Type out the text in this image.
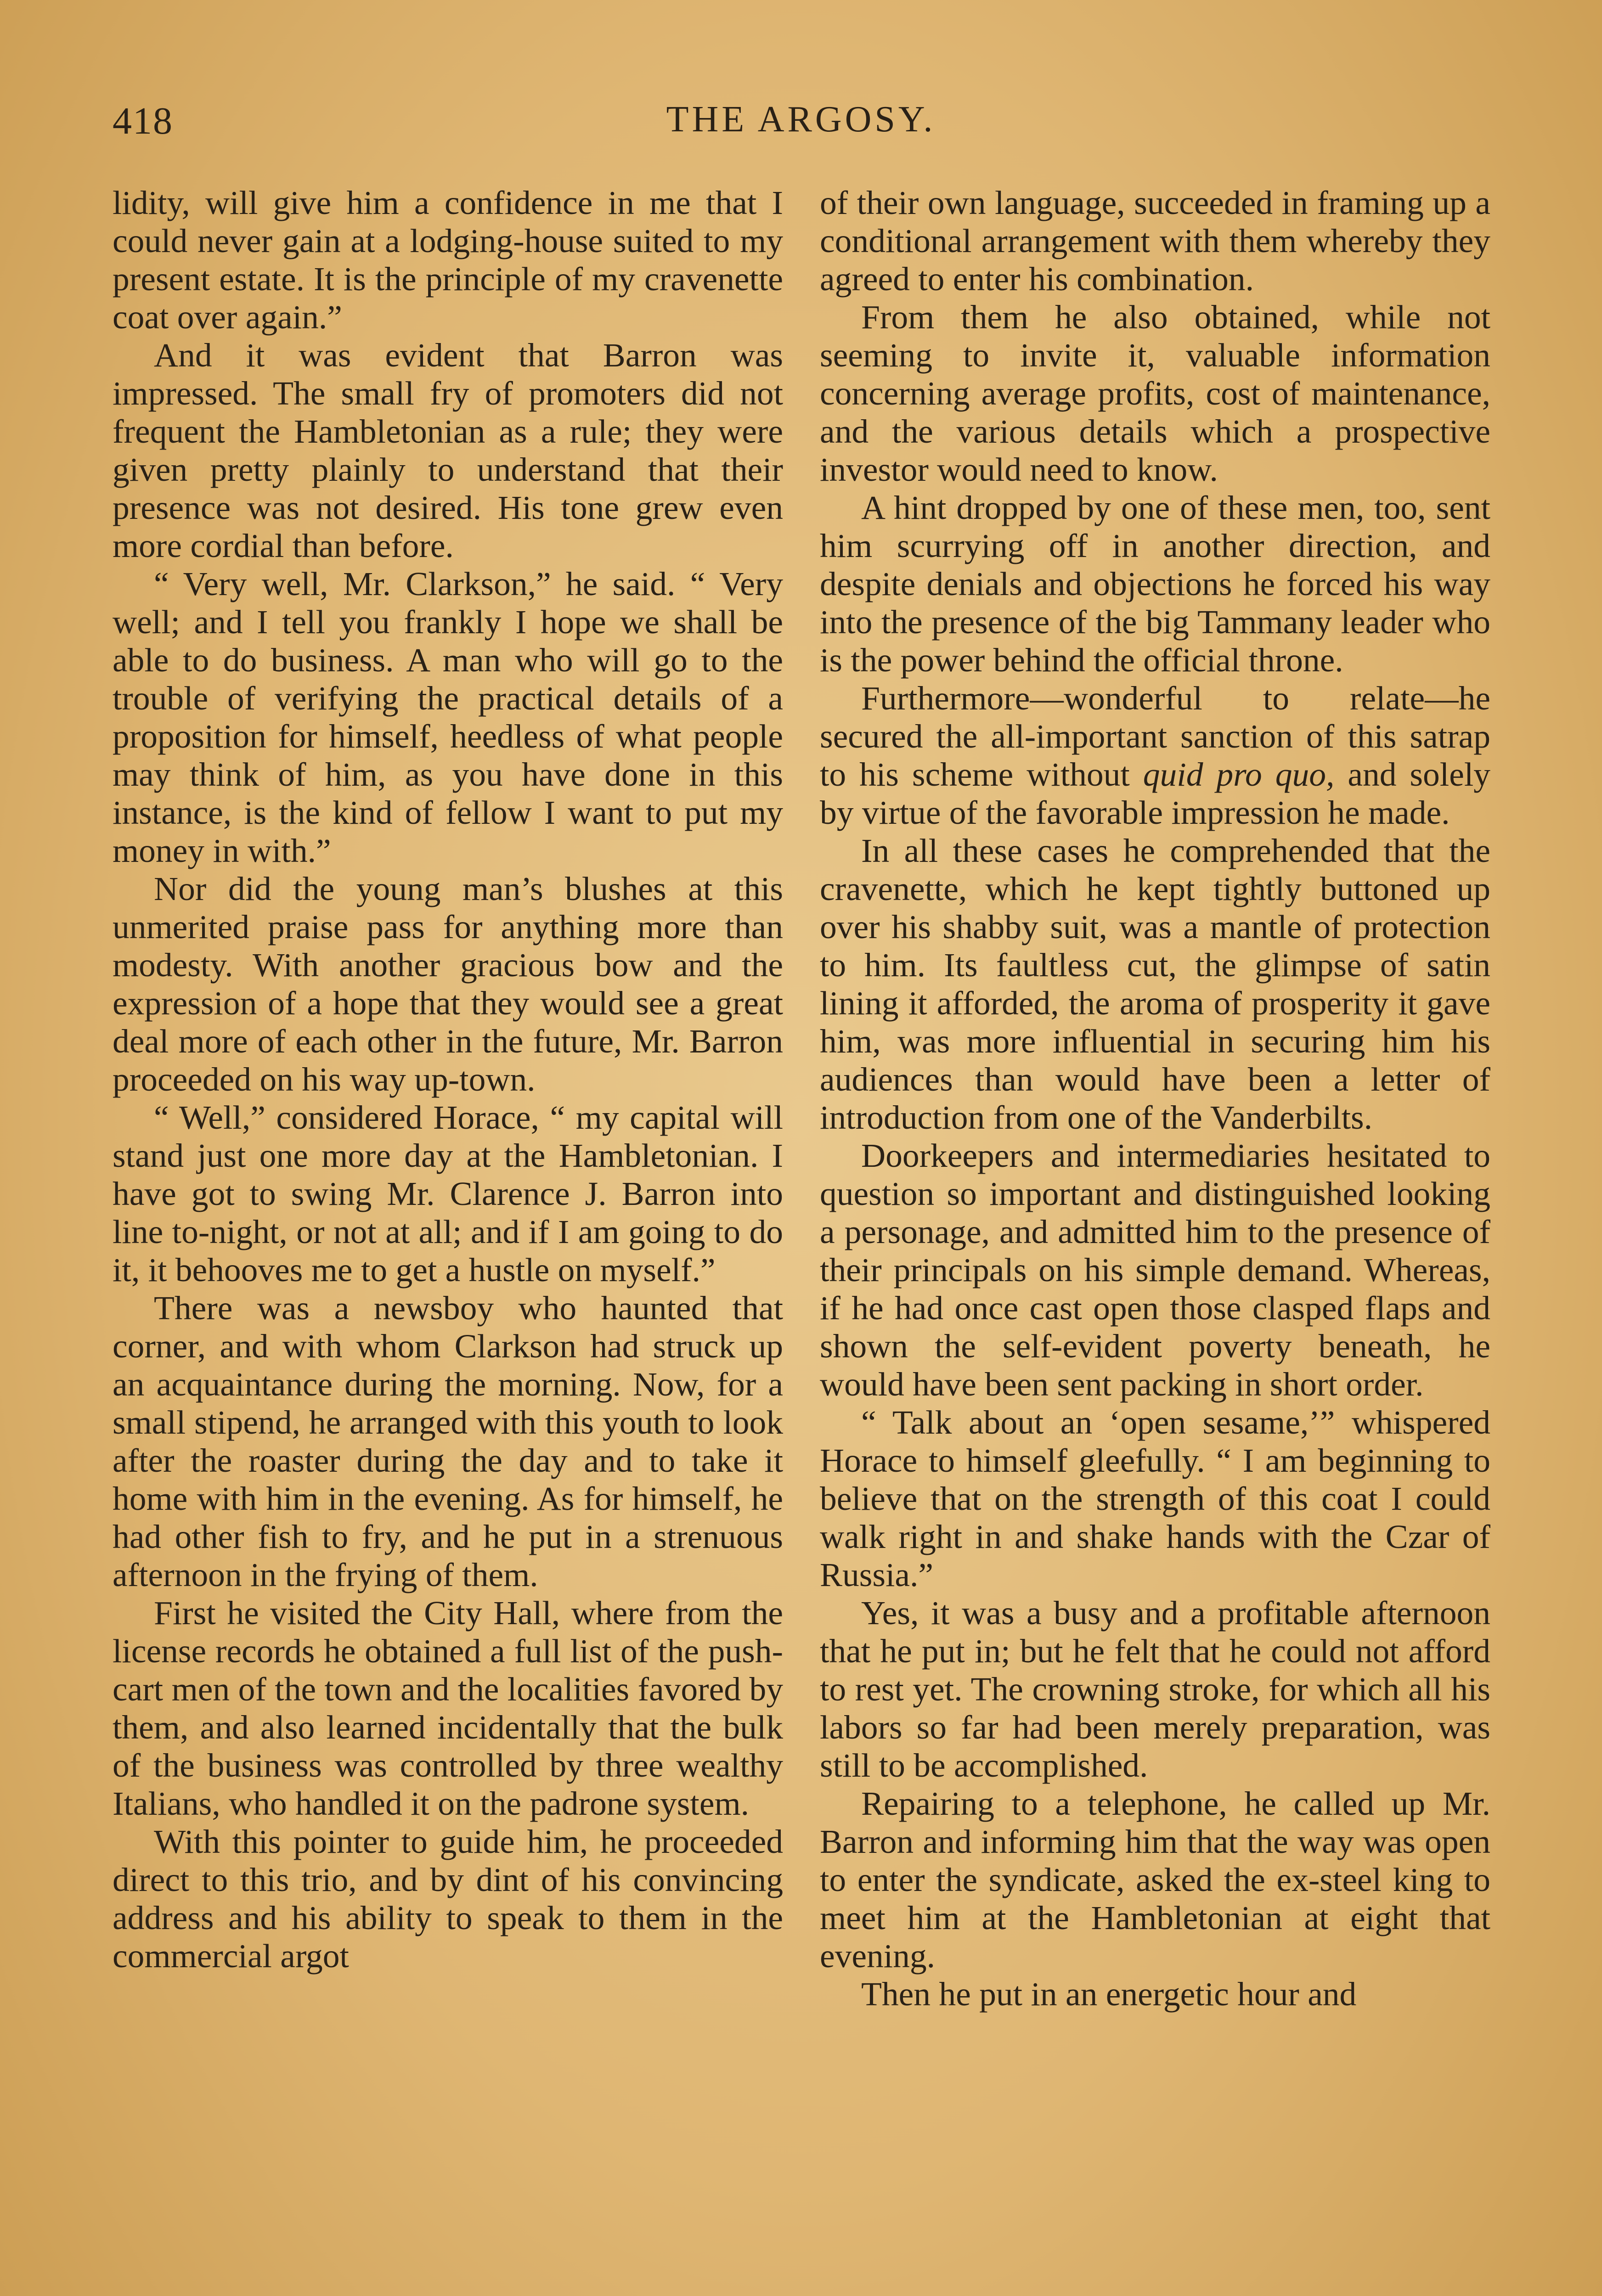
418	THE ARGOSY.

lidity, will give him a confidence in me that I could never gain at a lodging-house suited to my present estate. It is the principle of my cravenette coat over again.”

And it was evident that Barron was impressed. The small fry of promoters did not frequent the Hambletonian as a rule; they were given pretty plainly to understand that their presence was not desired. His tone grew even more cordial than before.

“ Very well, Mr. Clarkson,” he said. “ Very well; and I tell you frankly I hope we shall be able to do business. A man who will go to the trouble of verifying the practical details of a proposition for himself, heedless of what people may think of him, as you have done in this instance, is the kind of fellow I want to put my money in with.”

Nor did the young man’s blushes at this unmerited praise pass for anything more than modesty. With another gracious bow and the expression of a hope that they would see a great deal more of each other in the future, Mr. Barron proceeded on his way up-town.

“ Well,” considered Horace, “ my capital will stand just one more day at the Hambletonian. I have got to swing Mr. Clarence J. Barron into line to-night, or not at all; and if I am going to do it, it behooves me to get a hustle on myself.”

There was a newsboy who haunted that corner, and with whom Clarkson had struck up an acquaintance during the morning. Now, for a small stipend, he arranged with this youth to look after the roaster during the day and to take it home with him in the evening. As for himself, he had other fish to fry, and he put in a strenuous afternoon in the frying of them.

First he visited the City Hall, where from the license records he obtained a full list of the push-cart men of the town and the localities favored by them, and also learned incidentally that the bulk of the business was controlled by three wealthy Italians, who handled it on the padrone system.

With this pointer to guide him, he proceeded direct to this trio, and by dint of his convincing address and his ability to speak to them in the commercial argot

of their own language, succeeded in framing up a conditional arrangement with them whereby they agreed to enter his combination.

From them he also obtained, while not seeming to invite it, valuable information concerning average profits, cost of maintenance, and the various details which a prospective investor would need to know.

A hint dropped by one of these men, too, sent him scurrying off in another direction, and despite denials and objections he forced his way into the presence of the big Tammany leader who is the power behind the official throne.

Furthermore—wonderful to relate—he secured the all-important sanction of this satrap to his scheme without quid pro quo, and solely by virtue of the favorable impression he made.

In all these cases he comprehended that the cravenette, which he kept tightly buttoned up over his shabby suit, was a mantle of protection to him. Its faultless cut, the glimpse of satin lining it afforded, the aroma of prosperity it gave him, was more influential in securing him his audiences than would have been a letter of introduction from one of the Vanderbilts.

Doorkeepers and intermediaries hesitated to question so important and distinguished looking a personage, and admitted him to the presence of their principals on his simple demand. Whereas, if he had once cast open those clasped flaps and shown the self-evident poverty beneath, he would have been sent packing in short order.

“ Talk about an ‘open sesame,’” whispered Horace to himself gleefully. “ I am beginning to believe that on the strength of this coat I could walk right in and shake hands with the Czar of Russia.”

Yes, it was a busy and a profitable afternoon that he put in; but he felt that he could not afford to rest yet. The crowning stroke, for which all his labors so far had been merely preparation, was still to be accomplished.

Repairing to a telephone, he called up Mr. Barron and informing him that the way was open to enter the syndicate, asked the ex-steel king to meet him at the Hambletonian at eight that evening.

Then he put in an energetic hour and
